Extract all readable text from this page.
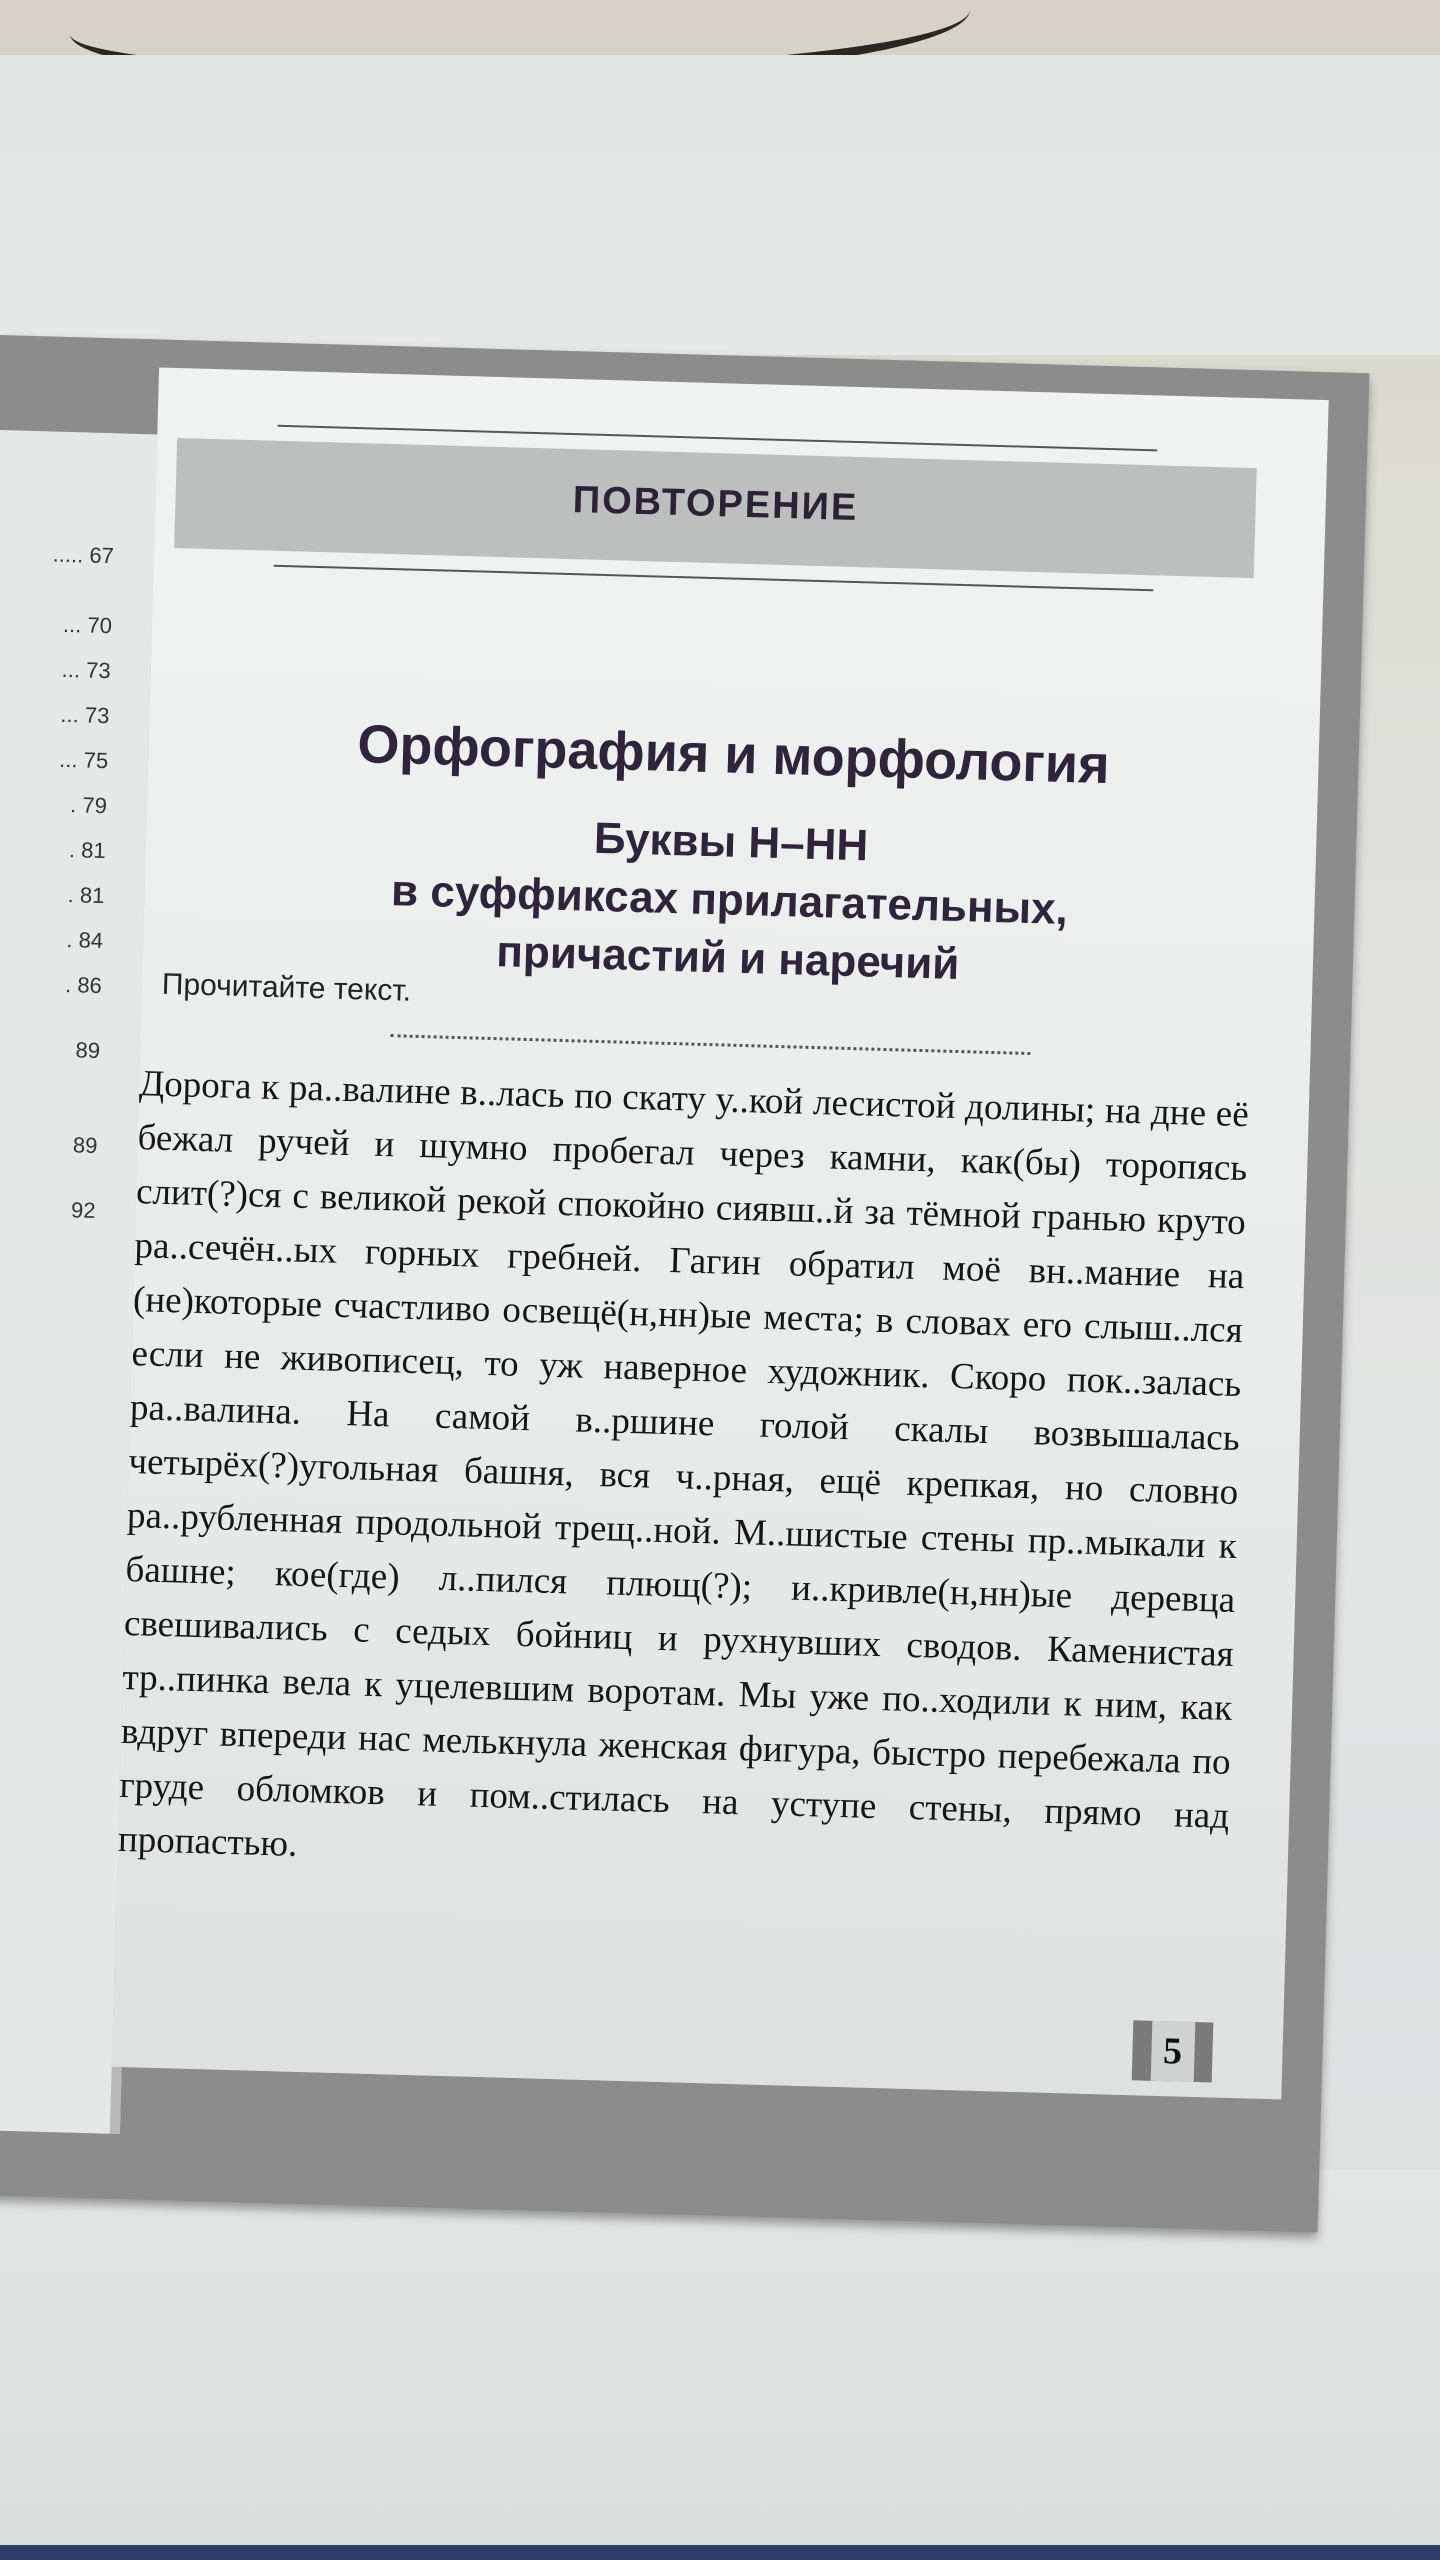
..... 67
... 70
... 73
... 73
... 75
. 79
. 81
. 81
. 84
. 86
89
89
92
ПОВТОРЕНИЕ
Орфография и морфология
Буквы Н–НН
в суффиксах прилагательных,
причастий и наречий
Прочитайте текст.
Дорога к ра..валине в..лась по скату у..кой лесистой долины; на дне её бежал ручей и шумно пробегал через камни, как(бы) торопясь слит(?)ся с великой рекой спокойно сиявш..й за тёмной гранью круто ра..сечён..ых горных гребней. Гагин обратил моё вн..мание на (не)которые счастливо освещё(н,нн)ые места; в словах его слыш..лся если не живописец, то уж наверное художник. Скоро пок..залась ра..валина. На самой в..ршине голой скалы возвышалась четырёх(?)угольная башня, вся ч..рная, ещё крепкая, но словно ра..рубленная продольной трещ..ной. М..шистые стены пр..мыкали к башне; кое(где) л..пился плющ(?); и..кривле(н,нн)ые деревца свешивались с седых бойниц и рухнувших сводов. Каменистая тр..пинка вела к уцелевшим воротам. Мы уже по..ходили к ним, как вдруг впереди нас мелькнула женская фигура, быстро перебежала по груде обломков и пом..стилась на уступе стены, прямо над пропастью.
5
